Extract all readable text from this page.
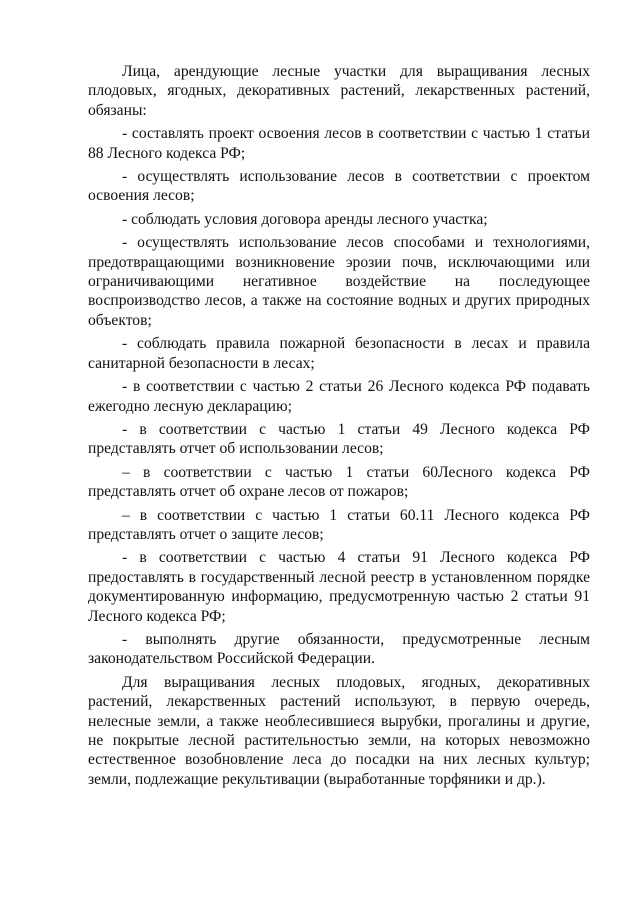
Лица, арендующие лесные участки для выращивания лесных плодовых, ягодных, декоративных растений, лекарственных растений, обязаны:

- составлять проект освоения лесов в соответствии с частью 1 статьи 88 Лесного кодекса РФ;

- осуществлять использование лесов в соответствии с проектом освоения лесов;

- соблюдать условия договора аренды лесного участка;

- осуществлять использование лесов способами и технологиями, предотвращающими возникновение эрозии почв, исключающими или ограничивающими негативное воздействие на последующее воспроизводство лесов, а также на состояние водных и других природных объектов;

- соблюдать правила пожарной безопасности в лесах и правила санитарной безопасности в лесах;

- в соответствии с частью 2 статьи 26 Лесного кодекса РФ подавать ежегодно лесную декларацию;

- в соответствии с частью 1 статьи 49 Лесного кодекса РФ представлять отчет об использовании лесов;

– в соответствии с частью 1 статьи 60Лесного кодекса РФ представлять отчет об охране лесов от пожаров;

– в соответствии с частью 1 статьи 60.11 Лесного кодекса РФ представлять отчет о защите лесов;

- в соответствии с частью 4 статьи 91 Лесного кодекса РФ предоставлять в государственный лесной реестр в установленном порядке документированную информацию, предусмотренную частью 2 статьи 91 Лесного кодекса РФ;

- выполнять другие обязанности, предусмотренные лесным законодательством Российской Федерации.

Для выращивания лесных плодовых, ягодных, декоративных растений, лекарственных растений используют, в первую очередь, нелесные земли, а также необлесившиеся вырубки, прогалины и другие, не покрытые лесной растительностью земли, на которых невозможно естественное возобновление леса до посадки на них лесных культур; земли, подлежащие рекультивации (выработанные торфяники и др.).
